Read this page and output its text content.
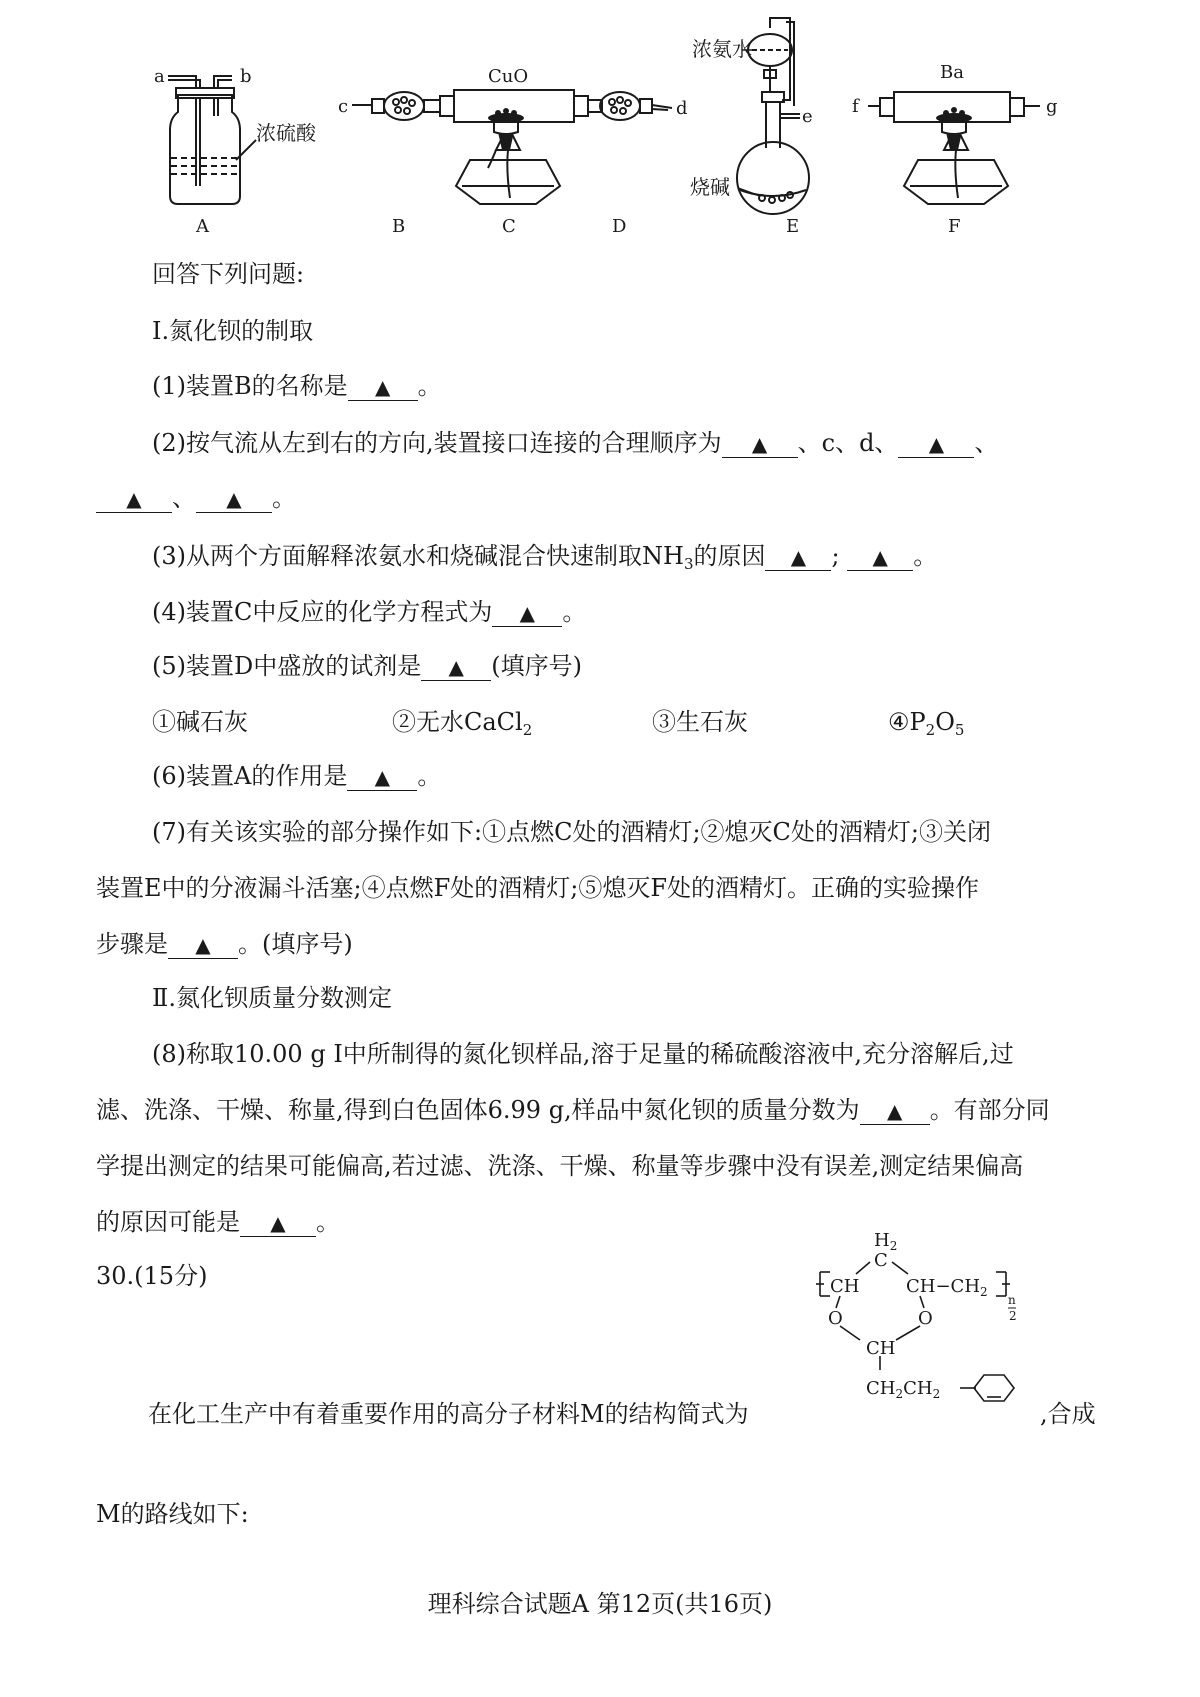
a	b
浓硫酸
c
CuO
d
浓氨水
e
烧碱
f
Ba
g
A	B	C	D	E	F
回答下列问题:
Ⅰ.氮化钡的制取
(1)装置B的名称是 ▲ 。
(2)按气流从左到右的方向,装置接口连接的合理顺序为 ▲ 、c、d、 ▲ 、
▲ 、 ▲ 。
(3)从两个方面解释浓氨水和烧碱混合快速制取$NH_3$的原因 ▲ ; ▲ 。
(4)装置C中反应的化学方程式为 ▲ 。
(5)装置D中盛放的试剂是 ▲ (填序号)
①碱石灰	②无水CaCl$_2$	③生石灰	$④P_2O_5$
(6)装置A的作用是 ▲ 。
(7)有关该实验的部分操作如下:①点燃C处的酒精灯;②熄灭C处的酒精灯;③关闭
装置E中的分液漏斗活塞;④点燃F处的酒精灯;⑤熄灭F处的酒精灯。正确的实验操作
步骤是 ▲ 。(填序号)
Ⅱ.氮化钡质量分数测定
(8)称取10.00 g Ⅰ中所制得的氮化钡样品,溶于足量的稀硫酸溶液中,充分溶解后,过
滤、洗涤、干燥、称量,得到白色固体6.99 g,样品中氮化钡的质量分数为 ▲ 。有部分同
学提出测定的结果可能偏高,若过滤、洗涤、干燥、称量等步骤中没有误差,测定结果偏高
的原因可能是 ▲ 。
30.(15分)
在化工生产中有着重要作用的高分子材料M的结构简式为	,合成
$H_2$
C
CH	$CH-CH_2$
n
2
O	O
CH
$CH_2CH_2$
M的路线如下:
理科综合试题A 第12页(共16页)
